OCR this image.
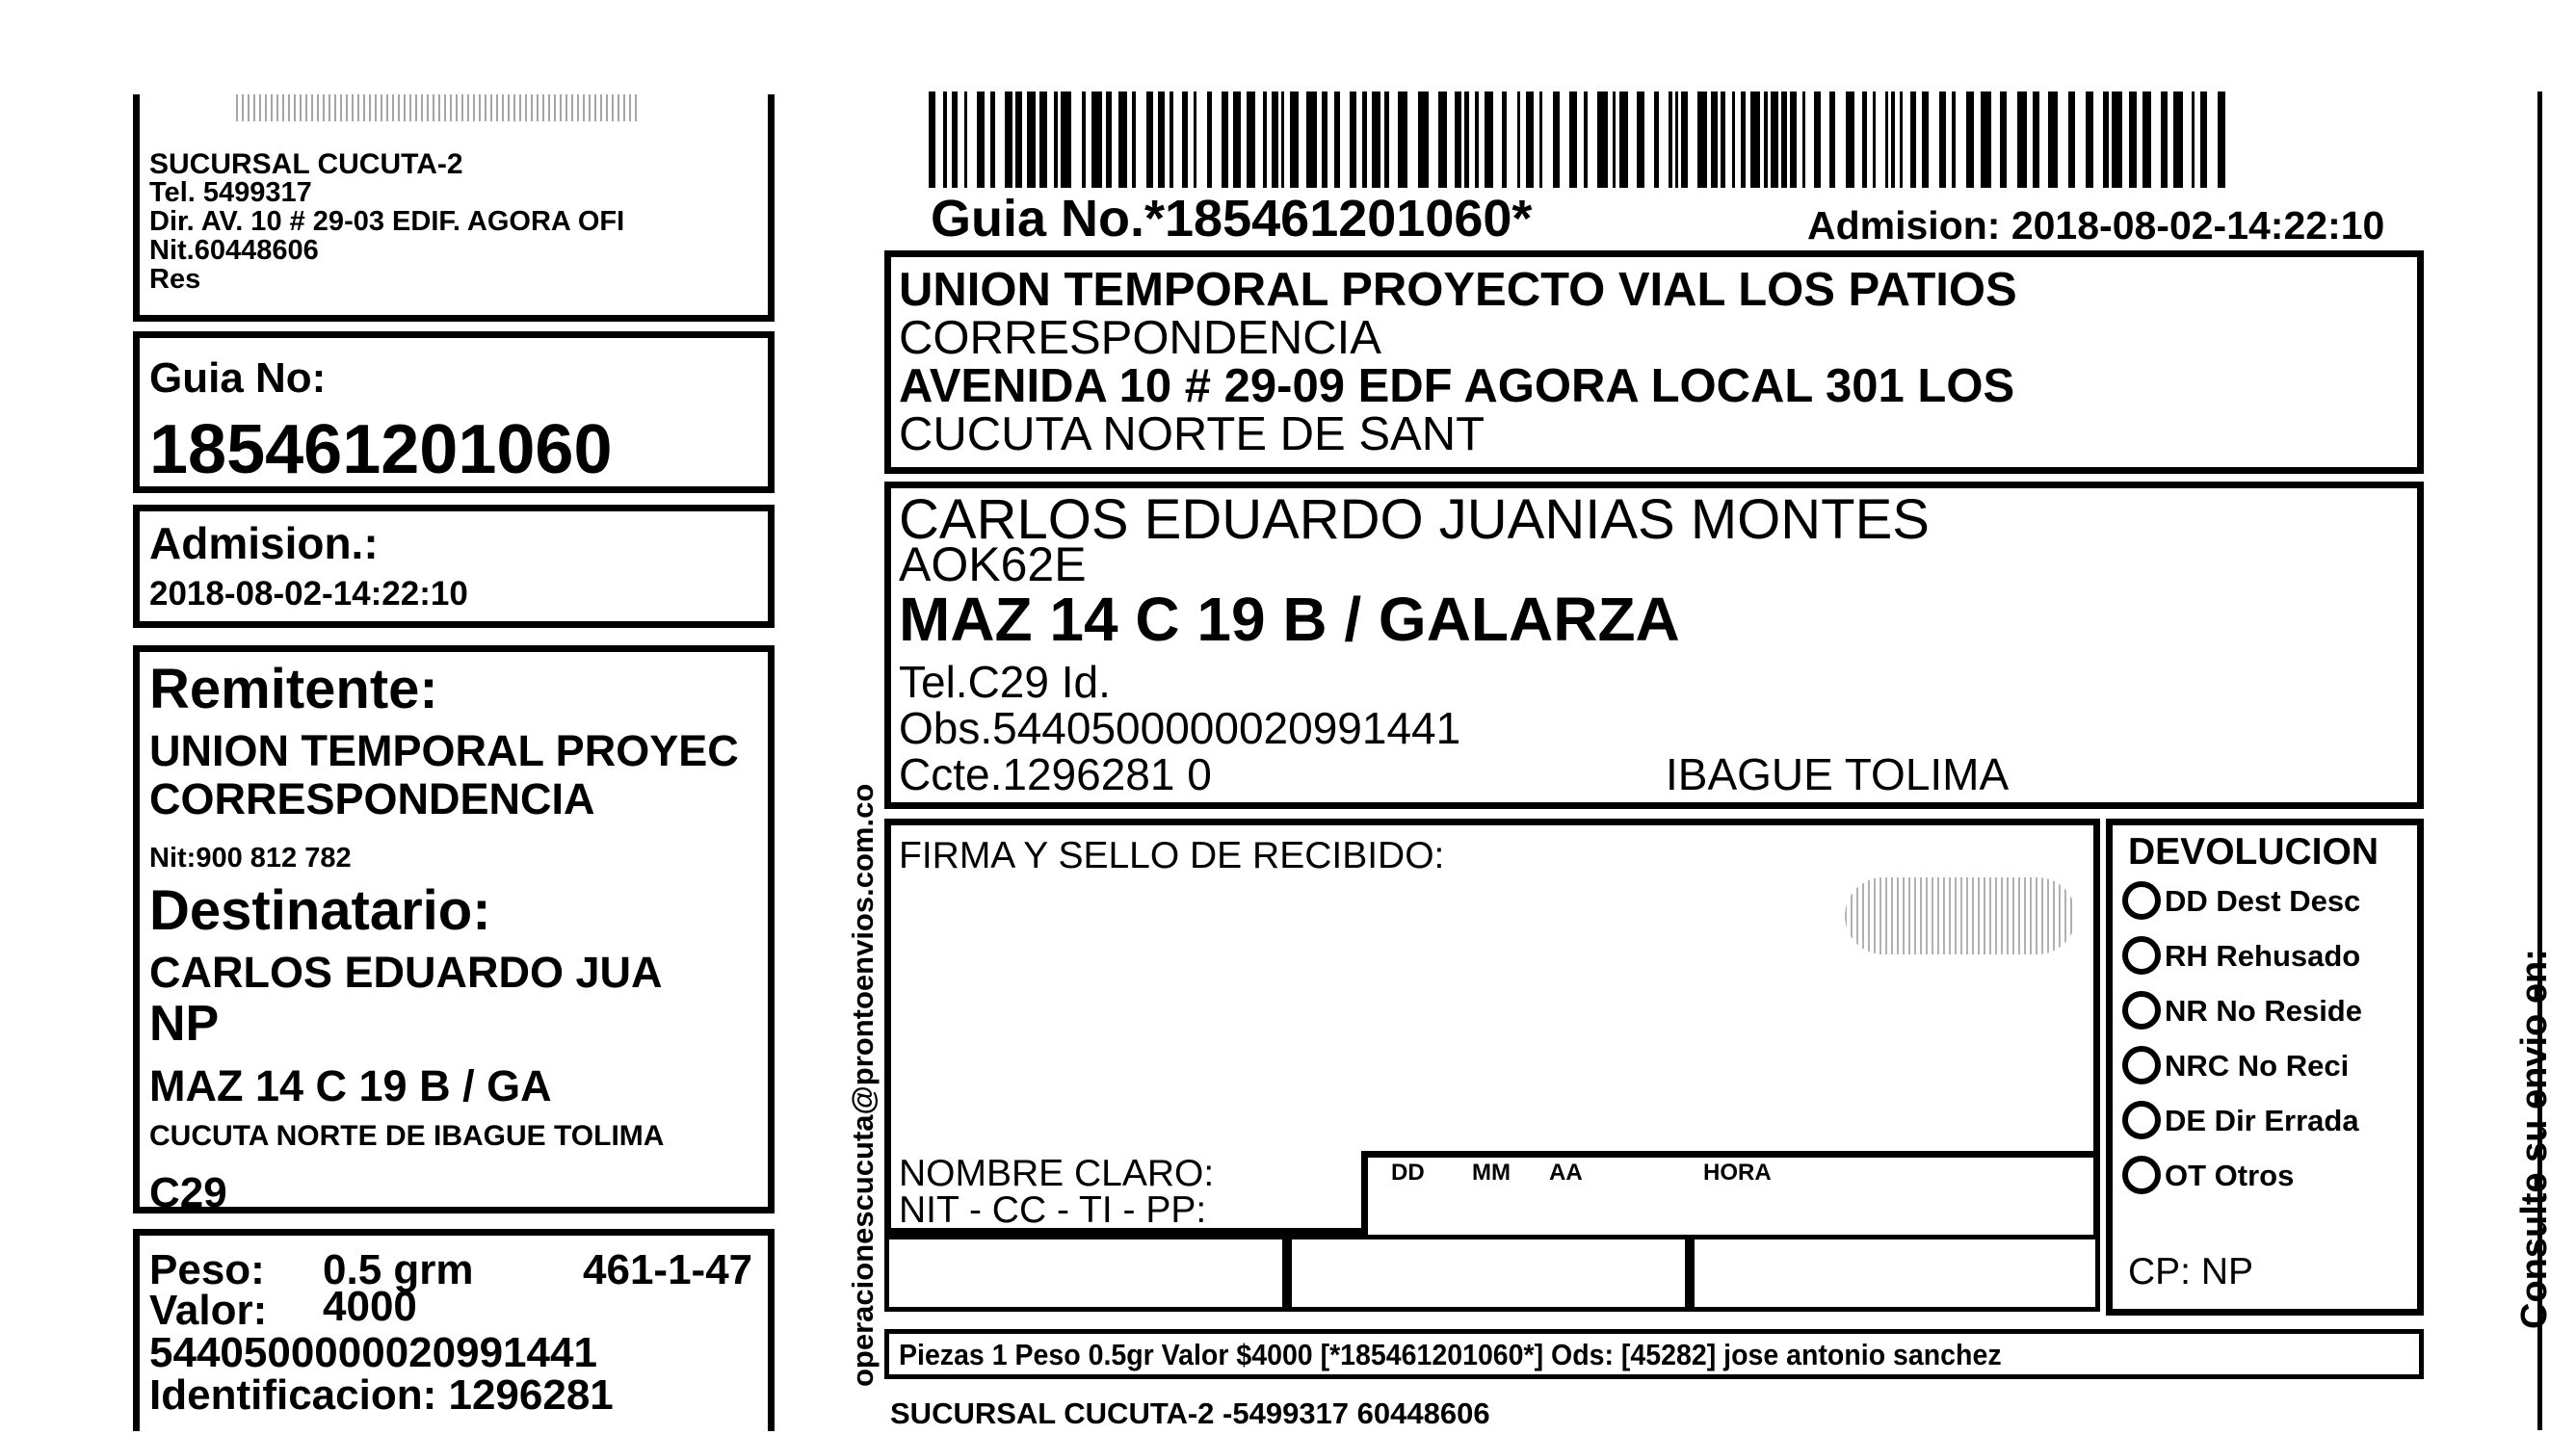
SUCURSAL CUCUTA-2
Tel. 5499317
Dir. AV. 10 # 29-03 EDIF. AGORA OFI
Nit.60448606
Res
Guia No:
185461201060
Admision.:
2018-08-02-14:22:10
Remitente:
UNION TEMPORAL PROYEC
CORRESPONDENCIA
Nit:900 812 782
Destinatario:
CARLOS EDUARDO JUA
NP
MAZ 14 C 19 B / GA
CUCUTA NORTE DE IBAGUE TOLIMA
C29
Peso: 0.5 grm	461-1-47
Valor: 4000
5440500000020991441
Identificacion: 1296281
operacionescucuta@prontoenvios.com.co
Guia No.*185461201060*	Admision: 2018-08-02-14:22:10
UNION TEMPORAL PROYECTO VIAL LOS PATIOS
CORRESPONDENCIA
AVENIDA 10 # 29-09 EDF AGORA LOCAL 301 LOS
CUCUTA NORTE DE SANT
CARLOS EDUARDO JUANIAS MONTES
AOK62E
MAZ 14 C 19 B / GALARZA
Tel.C29 Id.
Obs.5440500000020991441
Ccte.1296281 0	IBAGUE TOLIMA
FIRMA Y SELLO DE RECIBIDO:
NOMBRE CLARO:
NIT - CC - TI - PP:
DD MM AA	HORA
DEVOLUCION
DD Dest Desc
RH Rehusado
NR No Reside
NRC No Reci
DE Dir Errada
OT Otros
CP: NP
Piezas 1 Peso 0.5gr Valor $4000 [*185461201060*] Ods: [45282] jose antonio sanchez
SUCURSAL CUCUTA-2 -5499317 60448606
Consulte su envio en:
